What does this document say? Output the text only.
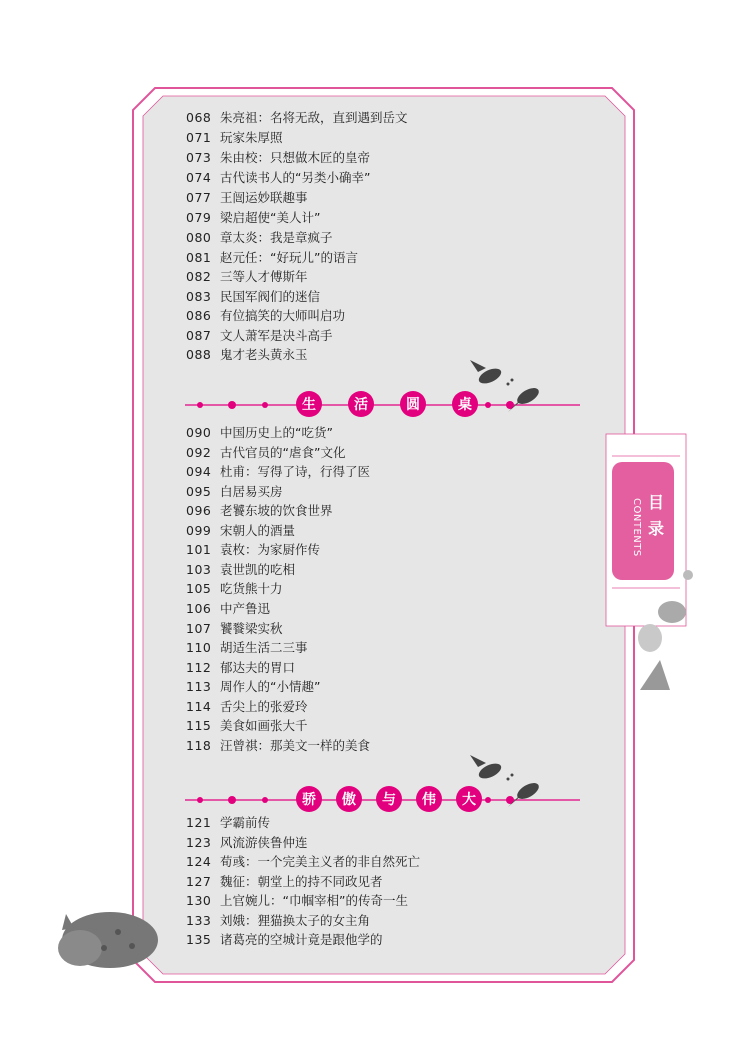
068 朱亮祖：名将无敌，直到遇到岳文
071 玩家朱厚照
073 朱由校：只想做木匠的皇帝
074 古代读书人的“另类小确幸”
077 王闿运妙联趣事
079 梁启超使“美人计”
080 章太炎：我是章疯子
081 赵元任：“好玩儿”的语言
082 三等人才傅斯年
083 民国军阀们的迷信
086 有位搞笑的大师叫启功
087 文人萧军是决斗高手
088 鬼才老头黄永玉
生	活	圆	桌
090 中国历史上的“吃货”
092 古代官员的“虐食”文化
094 杜甫：写得了诗，行得了医
095 白居易买房
096 老饕东坡的饮食世界
099 宋朝人的酒量
101 袁枚：为家厨作传
103 袁世凯的吃相
105 吃货熊十力
106 中产鲁迅
107 饕餮梁实秋
110 胡适生活二三事
112 郁达夫的胃口
113 周作人的“小情趣”
114 舌尖上的张爱玲
115 美食如画张大千
118 汪曾祺：那美文一样的美食
骄	傲	与	伟	大
121 学霸前传
123 风流游侠鲁仲连
124 荀彧：一个完美主义者的非自然死亡
127 魏征：朝堂上的持不同政见者
130 上官婉儿：“巾帼宰相”的传奇一生
133 刘娥：狸猫换太子的女主角
135 诸葛亮的空城计竟是跟他学的
目录
CONTENTS
